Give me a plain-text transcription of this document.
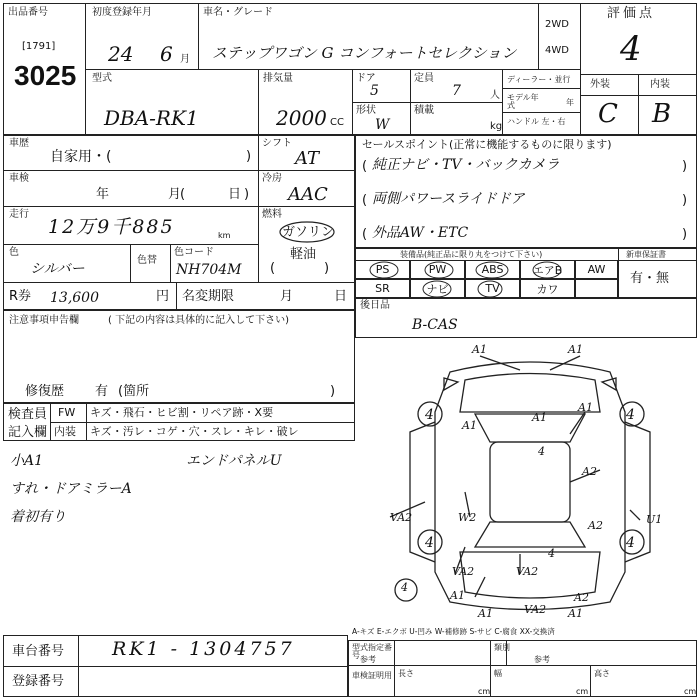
出品番号
[1791]
3025
初度登録年月
24 6 月
車名・グレード
ステップワゴン G コンフォートセレクション
2WD
4WD
評価点
4
型式
DBA-RK1
排気量
2000 CC
ドア
5
定員
7	人
形状
W
積載
kg
ディーラー・並行
モデル年式	年
ハンドル 左・右
外装	内装
C B
車歴
自家用・(	)
シフト
AT
車検
年	月
(	日 )
冷房
AAC
走行
12万9千885	km
燃料
ガソリン
(
軽油
)
色
シルバー
色替
色コード
NH704M
R券 13,600	円 名変期限	月	日
注意事項申告欄	( 下記の内容は具体的に記入して下さい)
修復歴 有 (箇所	)
検査員
記入欄
FW キズ・飛石・ヒビ割・リペア跡・X要
内装 キズ・汚レ・コゲ・穴・スレ・キレ・破レ
小A1
すれ・ドアミラーA
着初有り
エンドパネルU
セールスポイント(正常に機能するものに限ります)
( 純正ナビ・TV・バックカメラ	)
( 両側パワースライドドア	)
( 外品AW・ETC	)
装備品(純正品に限り丸をつけて下さい)	新車保証書
有・無
PS	PW	ABS	エアB AW
SR	ナビ	TV	カワ
後日品
B-CAS
A1	A1
A1
A1
A2
W2
VA2	U1
VA2	VA2
A1	A1
VA2
A1
A2
A2
A1
4	4
4	4
4
4
4
A-キズ E-エクボ U-凹み W-補修跡 S-サビ C-腐食 XX-交換済
車台番号	RK1 - 1304757
登録番号
型式指定番号 参考
類別
参考
車検証明用 長さ
cm
幅
cm
高さ
cm
